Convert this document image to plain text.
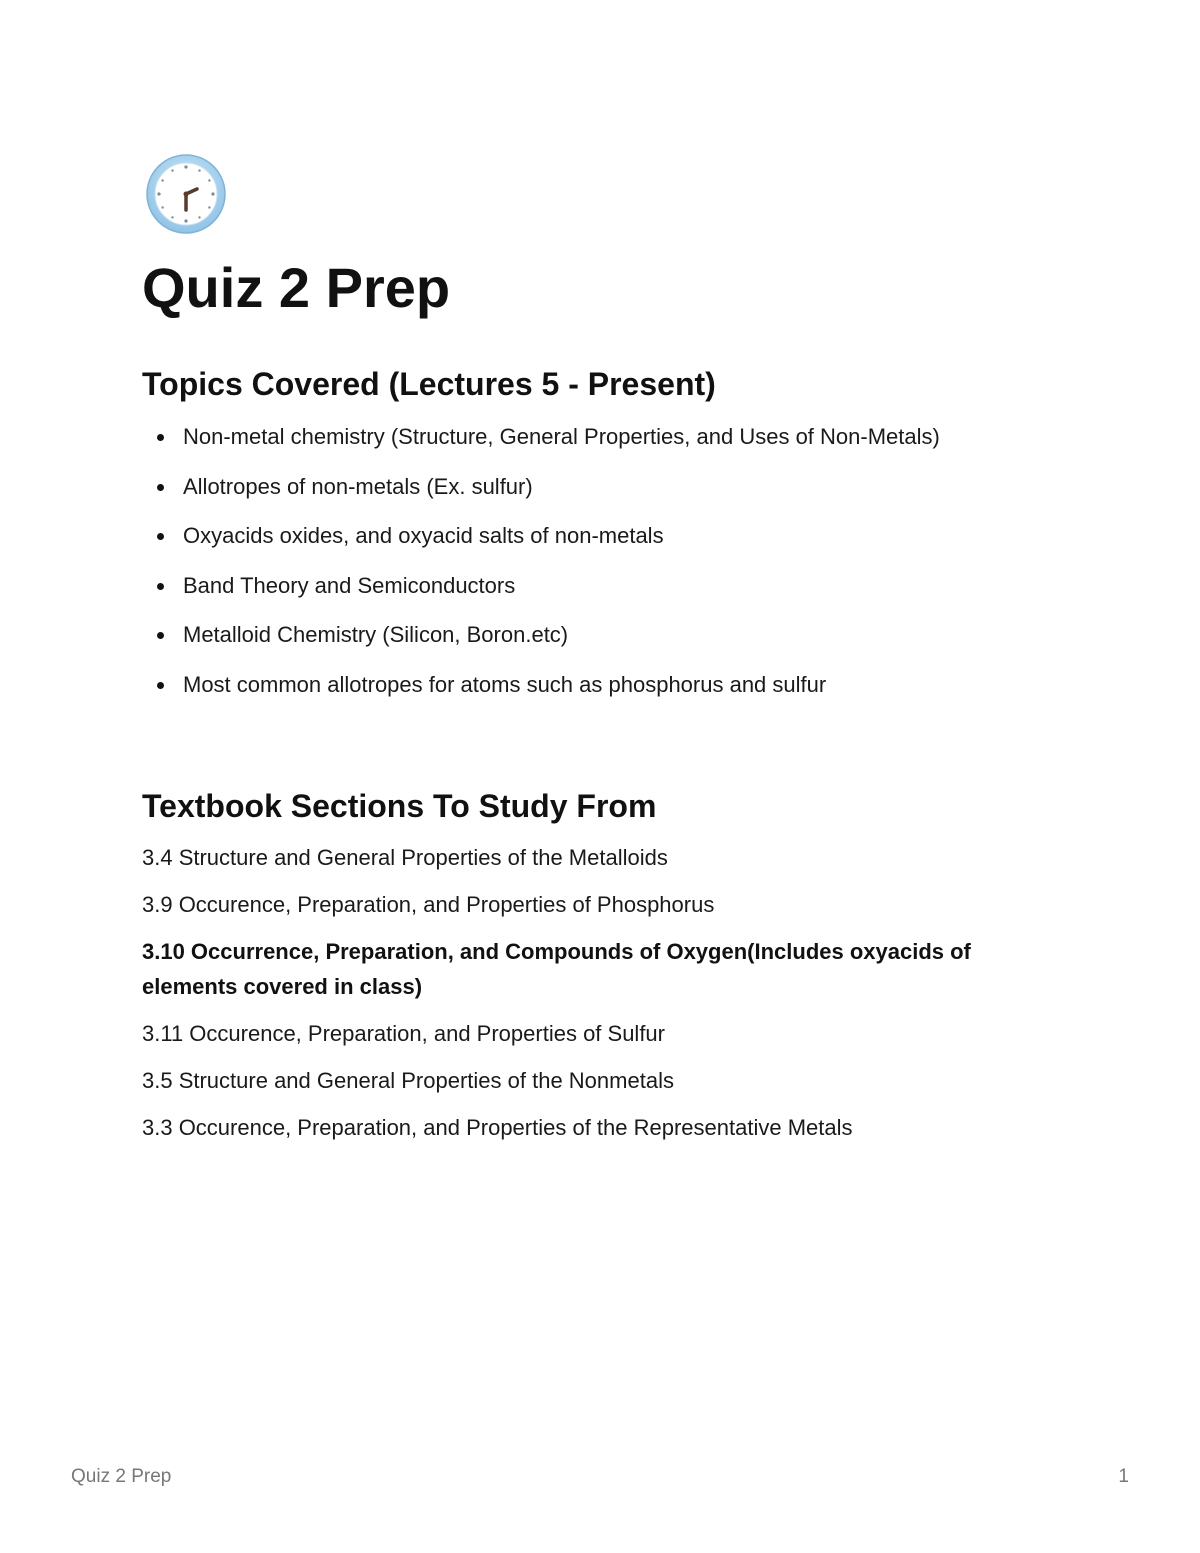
Quiz 2 Prep
Topics Covered (Lectures 5 - Present)
Non-metal chemistry (Structure, General Properties, and Uses of Non-Metals)
Allotropes of non-metals (Ex. sulfur)
Oxyacids oxides, and oxyacid salts of non-metals
Band Theory and Semiconductors
Metalloid Chemistry (Silicon, Boron.etc)
Most common allotropes for atoms such as phosphorus and sulfur
Textbook Sections To Study From

3.4 Structure and General Properties of the Metalloids

3.9 Occurence, Preparation, and Properties of Phosphorus

3.10 Occurrence, Preparation, and Compounds of Oxygen(Includes oxyacids of elements covered in class)

3.11 Occurence, Preparation, and Properties of Sulfur

3.5 Structure and General Properties of the Nonmetals

3.3 Occurence, Preparation, and Properties of the Representative Metals

Quiz 2 Prep	1
